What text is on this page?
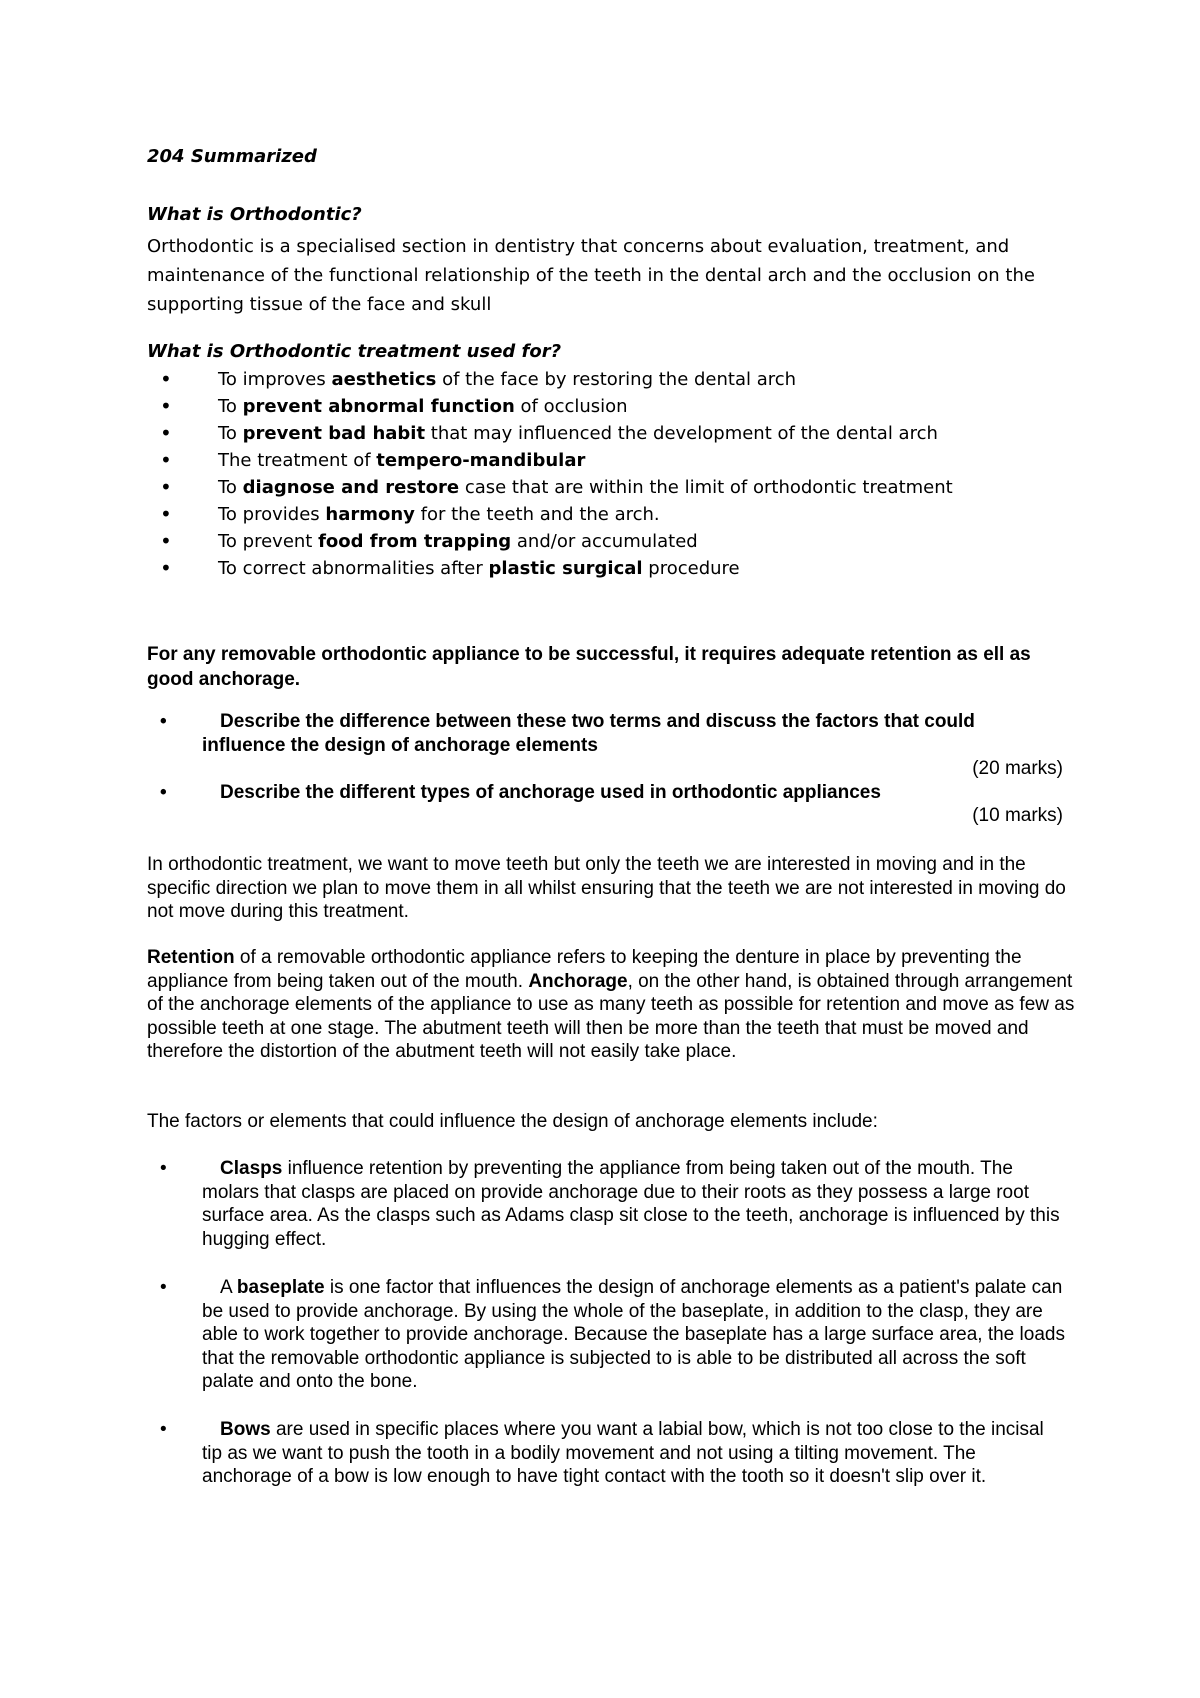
204 Summarized
What is Orthodontic?
Orthodontic is a specialised section in dentistry that concerns about evaluation, treatment, and maintenance of the functional relationship of the teeth in the dental arch and the occlusion on the supporting tissue of the face and skull
What is Orthodontic treatment used for?
•	To improves aesthetics of the face by restoring the dental arch
•	To prevent abnormal function of occlusion
•	To prevent bad habit that may influenced the development of the dental arch
•	The treatment of tempero-mandibular
•	To diagnose and restore case that are within the limit of orthodontic treatment
•	To provides harmony for the teeth and the arch.
•	To prevent food from trapping and/or accumulated
•	To correct abnormalities after plastic surgical procedure
For any removable orthodontic appliance to be successful, it requires adequate retention as ell as good anchorage.
•	Describe the difference between these two terms and discuss the factors that could
influence the design of anchorage elements
(20 marks)
•	Describe the different types of anchorage used in orthodontic appliances
(10 marks)
In orthodontic treatment, we want to move teeth but only the teeth we are interested in moving and in the specific direction we plan to move them in all whilst ensuring that the teeth we are not interested in moving do not move during this treatment.
Retention of a removable orthodontic appliance refers to keeping the denture in place by preventing the appliance from being taken out of the mouth. Anchorage, on the other hand, is obtained through arrangement of the anchorage elements of the appliance to use as many teeth as possible for retention and move as few as possible teeth at one stage. The abutment teeth will then be more than the teeth that must be moved and therefore the distortion of the abutment teeth will not easily take place.
The factors or elements that could influence the design of anchorage elements include:
•	Clasps influence retention by preventing the appliance from being taken out of the mouth. The molars that clasps are placed on provide anchorage due to their roots as they possess a large root surface area. As the clasps such as Adams clasp sit close to the teeth, anchorage is influenced by this hugging effect.
•	A baseplate is one factor that influences the design of anchorage elements as a patient's palate can be used to provide anchorage. By using the whole of the baseplate, in addition to the clasp, they are able to work together to provide anchorage. Because the baseplate has a large surface area, the loads that the removable orthodontic appliance is subjected to is able to be distributed all across the soft palate and onto the bone.
•	Bows are used in specific places where you want a labial bow, which is not too close to the incisal tip as we want to push the tooth in a bodily movement and not using a tilting movement. The anchorage of a bow is low enough to have tight contact with the tooth so it doesn't slip over it.
